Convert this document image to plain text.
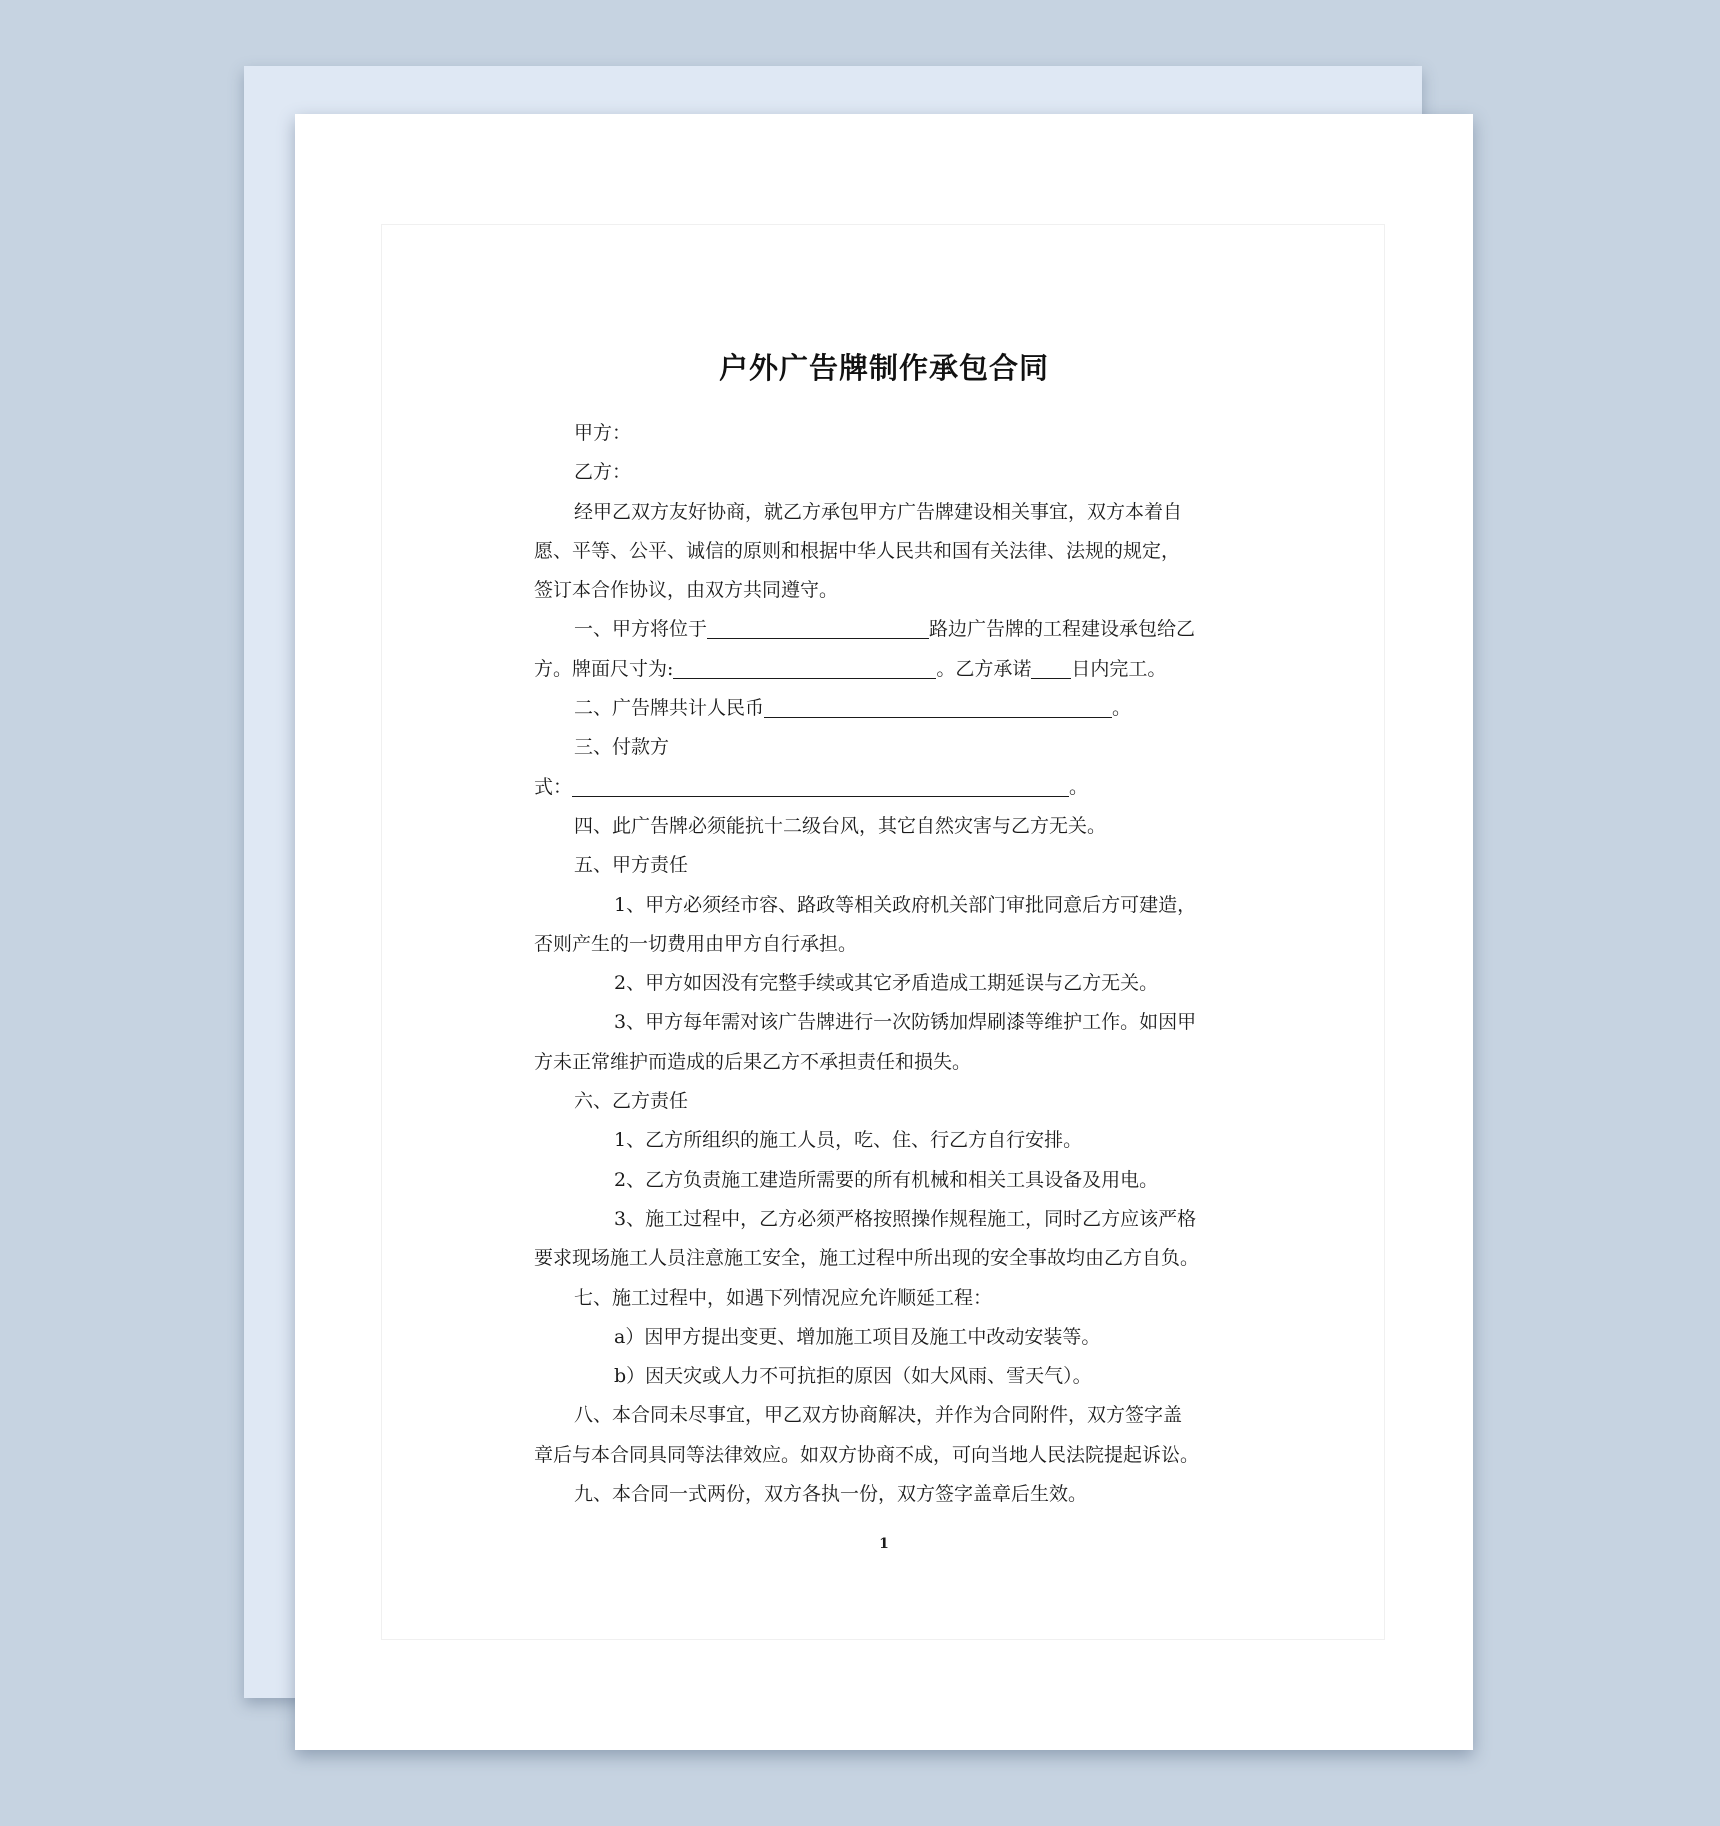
户外广告牌制作承包合同
甲方：
乙方：
经甲乙双方友好协商，就乙方承包甲方广告牌建设相关事宜，双方本着自
愿、平等、公平、诚信的原则和根据中华人民共和国有关法律、法规的规定，
签订本合作协议，由双方共同遵守。
一、甲方将位于	路边广告牌的工程建设承包给乙
方。牌面尺寸为:	。乙方承诺 日内完工。
二、广告牌共计人民币	。
三、付款方
式：	。
四、此广告牌必须能抗十二级台风，其它自然灾害与乙方无关。
五、甲方责任
1、甲方必须经市容、路政等相关政府机关部门审批同意后方可建造，
否则产生的一切费用由甲方自行承担。
2、甲方如因没有完整手续或其它矛盾造成工期延误与乙方无关。
3、甲方每年需对该广告牌进行一次防锈加焊刷漆等维护工作。如因甲
方未正常维护而造成的后果乙方不承担责任和损失。
六、乙方责任
1、乙方所组织的施工人员，吃、住、行乙方自行安排。
2、乙方负责施工建造所需要的所有机械和相关工具设备及用电。
3、施工过程中，乙方必须严格按照操作规程施工，同时乙方应该严格
要求现场施工人员注意施工安全，施工过程中所出现的安全事故均由乙方自负。
七、施工过程中，如遇下列情况应允许顺延工程：
a）因甲方提出变更、增加施工项目及施工中改动安装等。
b）因天灾或人力不可抗拒的原因（如大风雨、雪天气）。
八、本合同未尽事宜，甲乙双方协商解决，并作为合同附件，双方签字盖
章后与本合同具同等法律效应。如双方协商不成，可向当地人民法院提起诉讼。
九、本合同一式两份，双方各执一份，双方签字盖章后生效。
1
